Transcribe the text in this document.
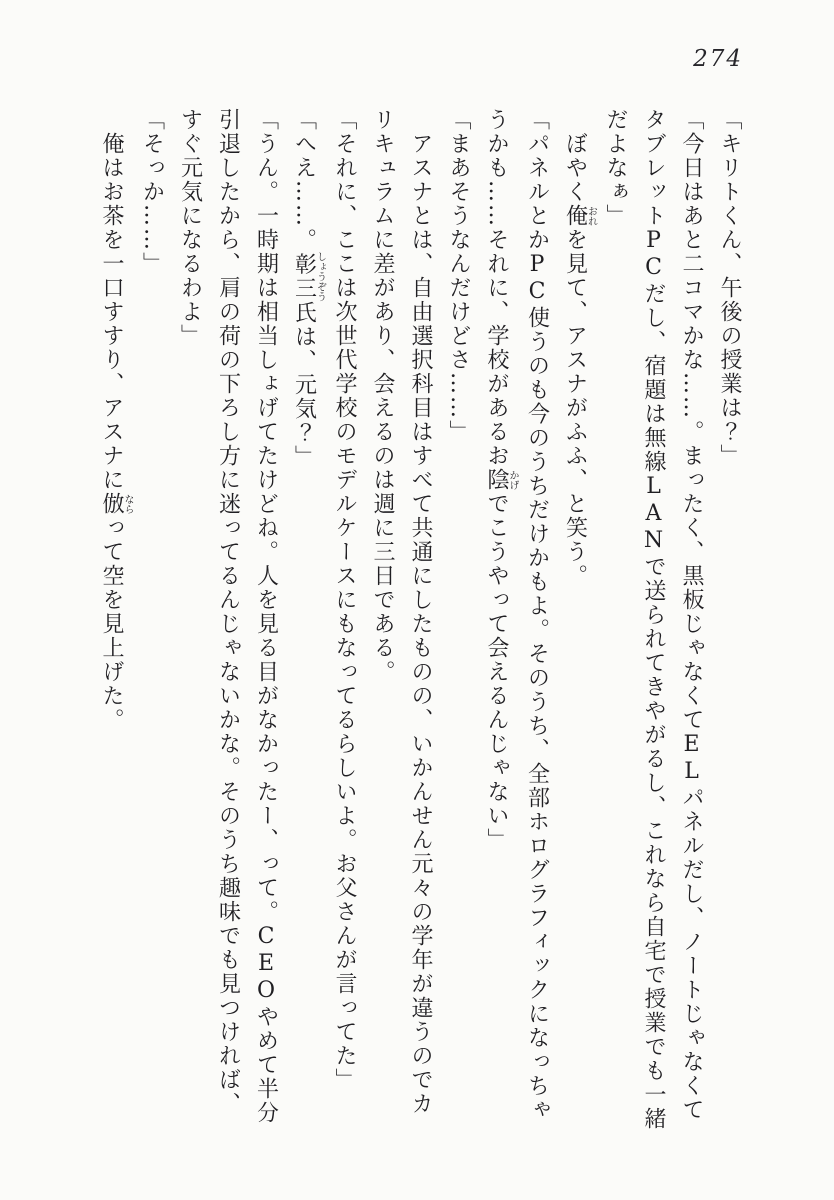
274

「キリトくん、午後の授業は？」

「今日はあと二コマかな……。まったく、黒板じゃなくてELパネルだし、ノートじゃなくて

タブレットPCだし、宿題は無線LANで送られてきやがるし、これなら自宅で授業でも一緒

だよなぁ」

ぼやく俺おれを見て、アスナがふふ、と笑う。

「パネルとかPC使うのも今のうちだけかもよ。そのうち、全部ホログラフィックになっちゃ

うかも……それに、学校があるお陰かげでこうやって会えるんじゃない」

「まあそうなんだけどさ……」

アスナとは、自由選択科目はすべて共通にしたものの、いかんせん元々の学年が違うのでカ

リキュラムに差があり、会えるのは週に三日である。

「それに、ここは次世代学校のモデルケースにもなってるらしいよ。お父さんが言ってた」

「へえ……。彰三しょうぞう氏は、元気？」

「うん。一時期は相当しょげてたけどね。人を見る目がなかったー、って。CEOやめて半分

引退したから、肩の荷の下ろし方に迷ってるんじゃないかな。そのうち趣味でも見つければ、

すぐ元気になるわよ」

「そっか……」

俺はお茶を一口すすり、アスナに倣ならって空を見上げた。
